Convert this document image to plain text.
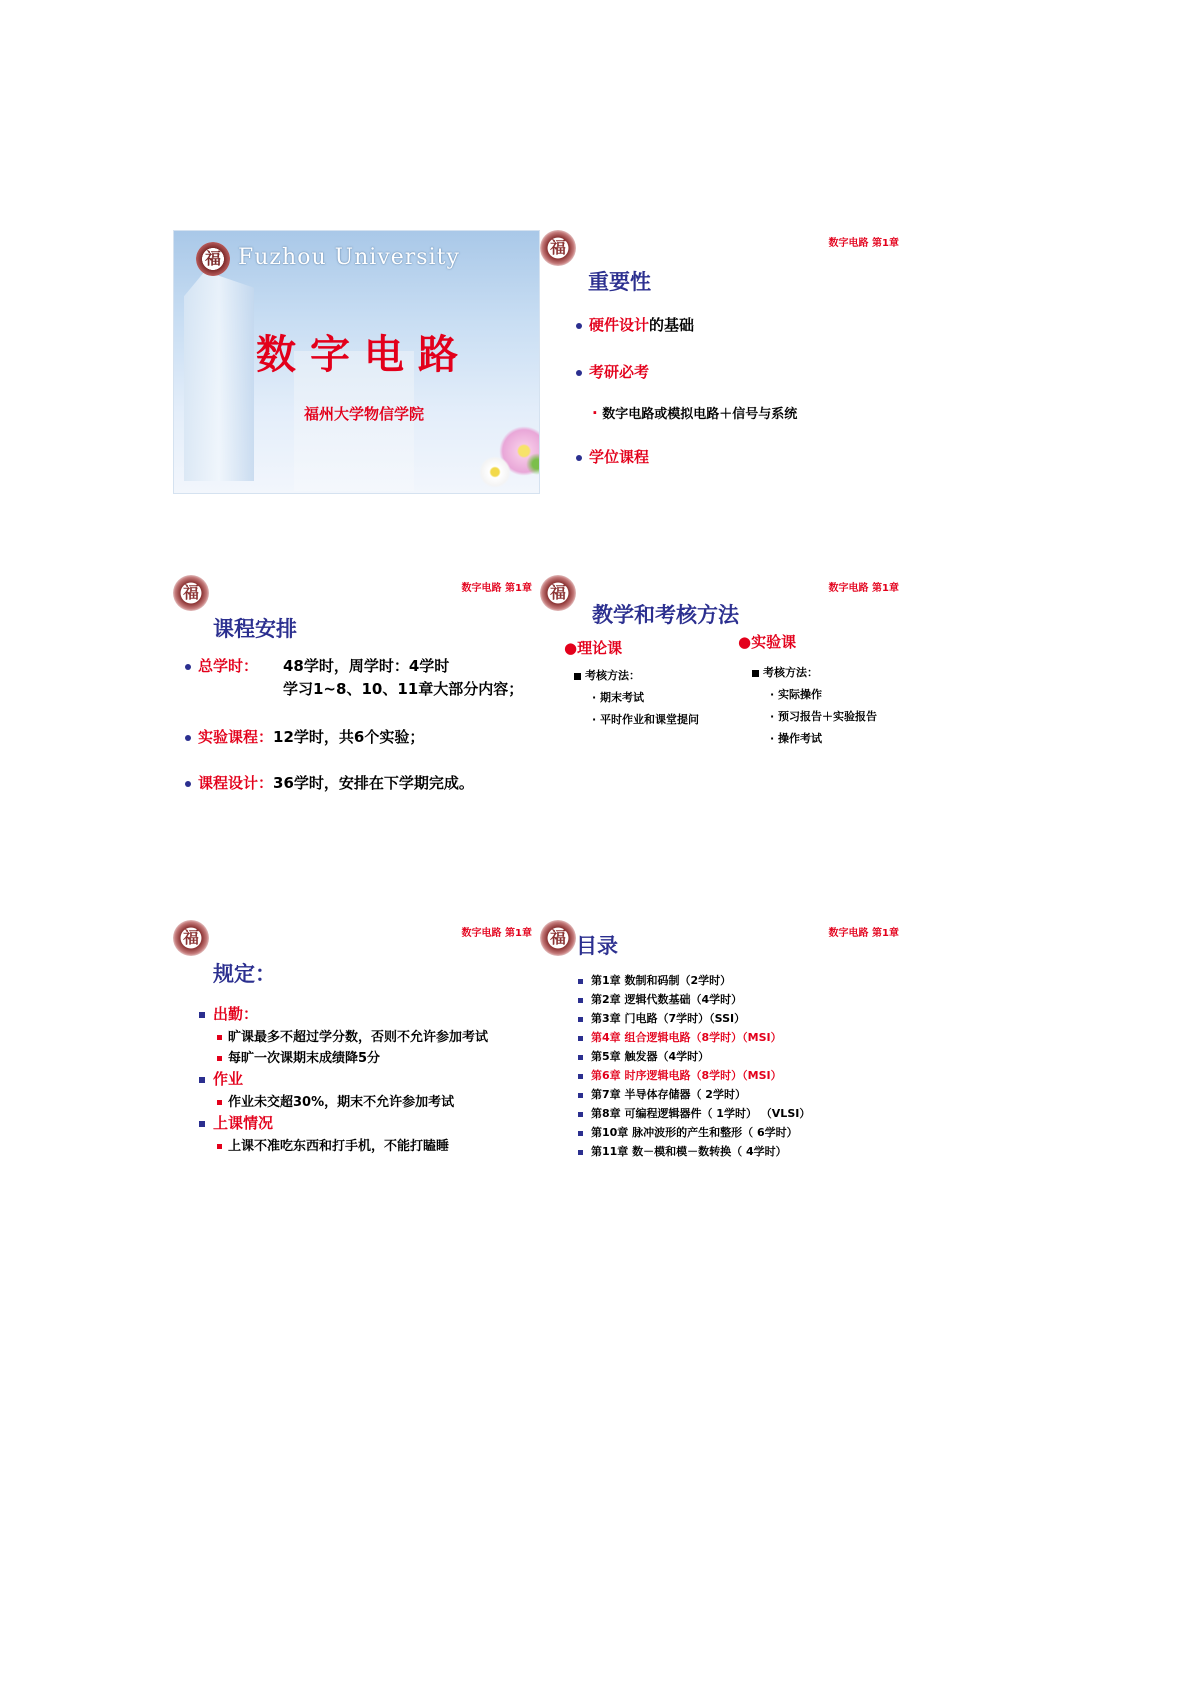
福 Fuzhou University
数字电路
福州大学物信学院
福	数字电路 第1章
重要性
硬件设计的基础
考研必考
· 数字电路或模拟电路＋信号与系统
学位课程
福	数字电路 第1章
课程安排
总学时： 48学时，周学时：4学时
学习1~8、10、11章大部分内容；
实验课程：12学时，共6个实验；
课程设计：36学时，安排在下学期完成。
福	数字电路 第1章
教学和考核方法
●理论课
考核方法：
· 期末考试
· 平时作业和课堂提问
●实验课
考核方法：
· 实际操作
· 预习报告＋实验报告
· 操作考试
福	数字电路 第1章
规定：
出勤：
旷课最多不超过学分数，否则不允许参加考试
每旷一次课期末成绩降5分
作业
作业未交超30%，期末不允许参加考试
上课情况
上课不准吃东西和打手机，不能打瞌睡
福	数字电路 第1章
目录
第1章 数制和码制（2学时）
第2章 逻辑代数基础（4学时）
第3章 门电路（7学时）（SSI）
第4章 组合逻辑电路（8学时）（MSI）
第5章 触发器（4学时）
第6章 时序逻辑电路（8学时）（MSI）
第7章 半导体存储器（ 2学时）
第8章 可编程逻辑器件（ 1学时） （VLSI）
第10章 脉冲波形的产生和整形（ 6学时）
第11章 数－模和模－数转换（ 4学时）
